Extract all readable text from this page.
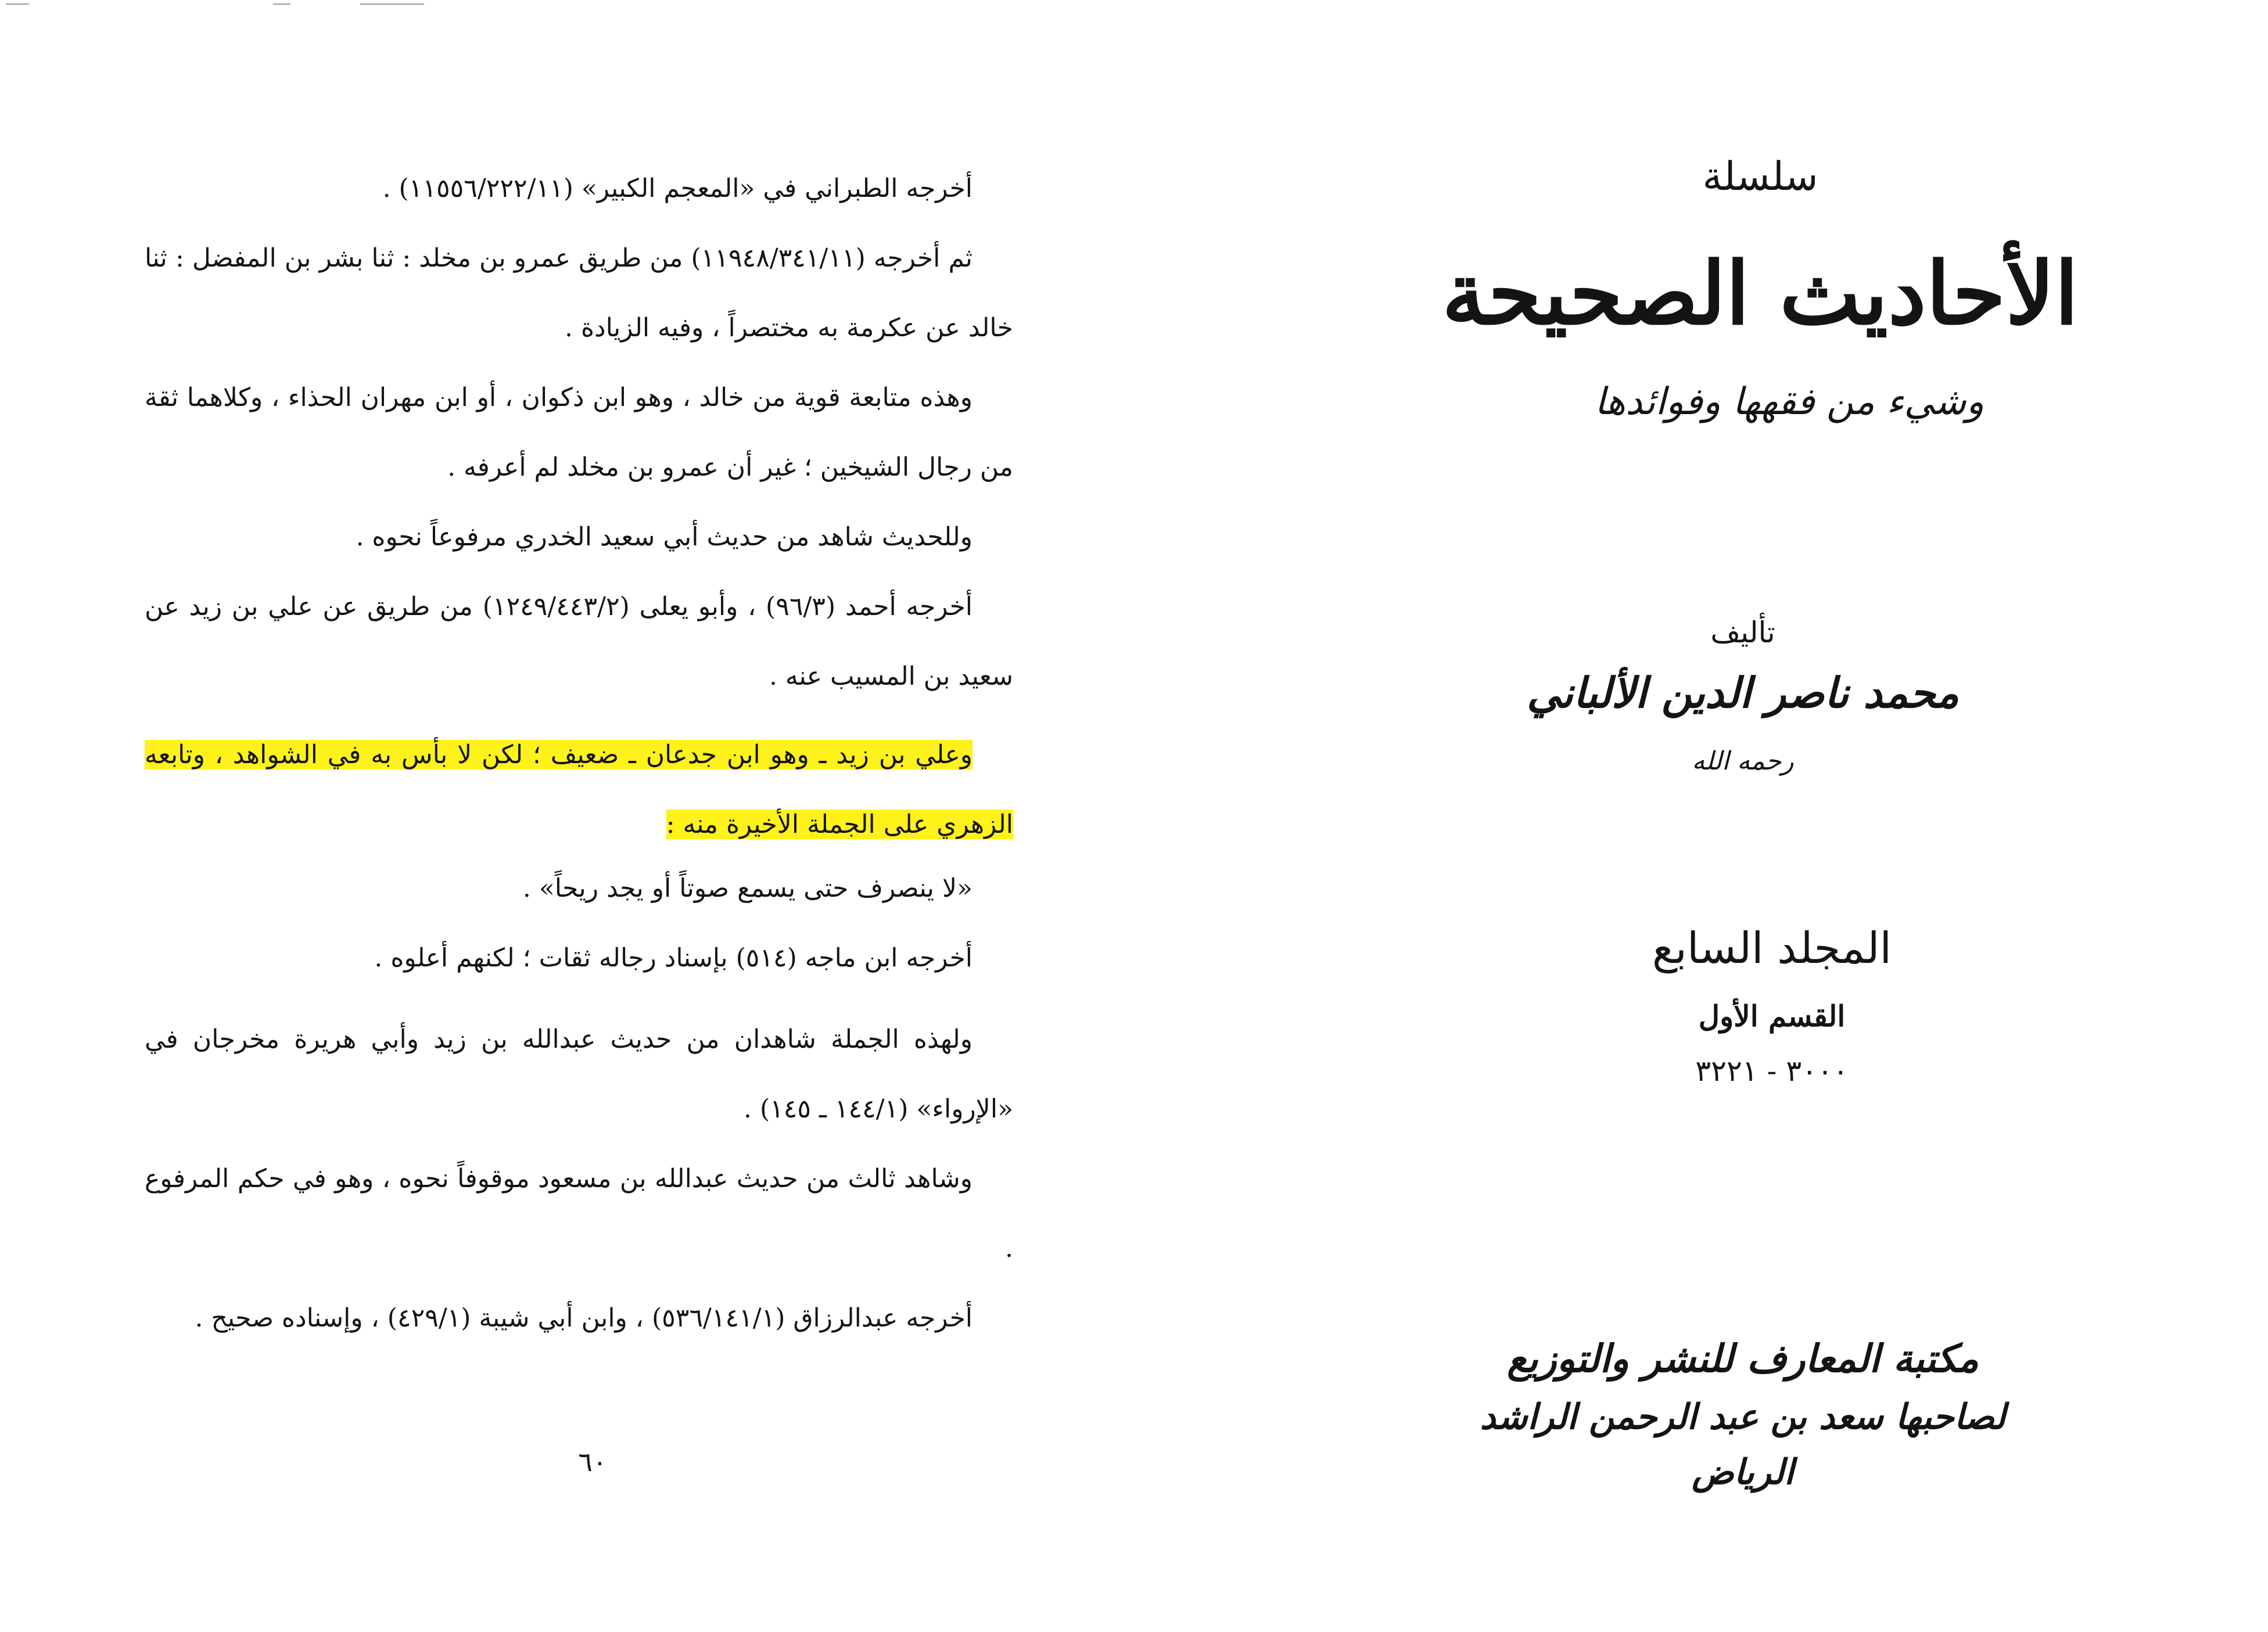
أخرجه الطبراني في «المعجم الكبير» (١١٥٥٦/٢٢٢/١١) .
ثم أخرجه (١١٩٤٨/٣٤١/١١) من طريق عمرو بن مخلد : ثنا بشر بن المفضل : ثنا خالد عن عكرمة به مختصراً ، وفيه الزيادة .
وهذه متابعة قوية من خالد ، وهو ابن ذكوان ، أو ابن مهران الحذاء ، وكلاهما ثقة من رجال الشيخين ؛ غير أن عمرو بن مخلد لم أعرفه .
وللحديث شاهد من حديث أبي سعيد الخدري مرفوعاً نحوه .
أخرجه أحمد (٩٦/٣) ، وأبو يعلى (١٢٤٩/٤٤٣/٢) من طريق عن علي بن زيد عن سعيد بن المسيب عنه .
وعلي بن زيد ـ وهو ابن جدعان ـ ضعيف ؛ لكن لا بأس به في الشواهد ، وتابعه الزهري على الجملة الأخيرة منه :
«لا ينصرف حتى يسمع صوتاً أو يجد ريحاً» .
أخرجه ابن ماجه (٥١٤) بإسناد رجاله ثقات ؛ لكنهم أعلوه .
ولهذه الجملة شاهدان من حديث عبدالله بن زيد وأبي هريرة مخرجان في «الإرواء» (١٤٤/١ ـ ١٤٥) .
وشاهد ثالث من حديث عبدالله بن مسعود موقوفاً نحوه ، وهو في حكم المرفوع .
أخرجه عبدالرزاق (٥٣٦/١٤١/١) ، وابن أبي شيبة (٤٢٩/١) ، وإسناده صحيح .
٦٠
سلسلة
الأحاديث الصحيحة
وشيء من فقهها وفوائدها
تأليف
محمد ناصر الدين الألباني
رحمه الله
المجلد السابع
القسم الأول
٣٠٠٠ - ٣٢٢١
مكتبة المعارف للنشر والتوزيع
لصاحبها سعد بن عبد الرحمن الراشد
الرياض
